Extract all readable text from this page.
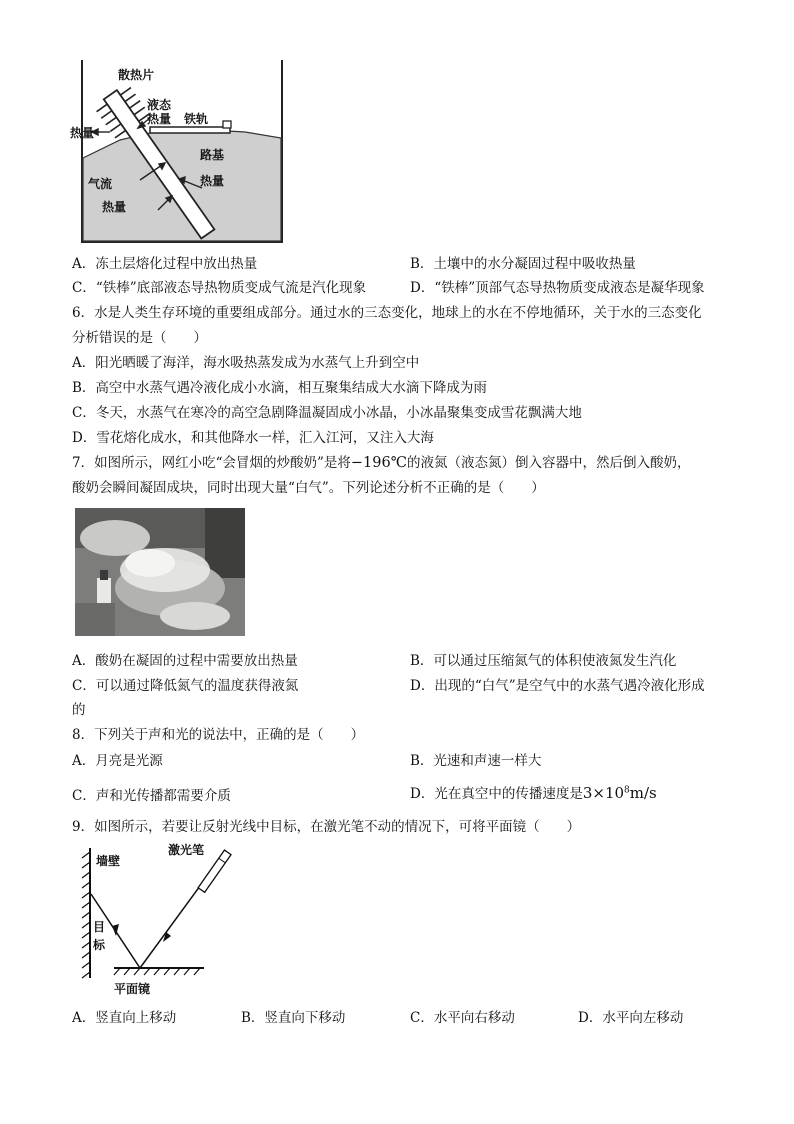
散热片
液态
热量 铁轨
热量
路基
气流	热量
热量
A．冻土层熔化过程中放出热量	B．土壤中的水分凝固过程中吸收热量
C．“铁棒”底部液态导热物质变成气流是汽化现象	D．“铁棒”顶部气态导热物质变成液态是凝华现象
6．水是人类生存环境的重要组成部分。通过水的三态变化，地球上的水在不停地循环，关于水的三态变化
分析错误的是（　　）
A．阳光晒暖了海洋，海水吸热蒸发成为水蒸气上升到空中
B．高空中水蒸气遇冷液化成小水滴，相互聚集结成大水滴下降成为雨
C．冬天，水蒸气在寒冷的高空急剧降温凝固成小冰晶，小冰晶聚集变成雪花飘满大地
D．雪花熔化成水，和其他降水一样，汇入江河，又注入大海
7．如图所示，网红小吃“会冒烟的炒酸奶”是将−196℃的液氮（液态氮）倒入容器中，然后倒入酸奶，
酸奶会瞬间凝固成块，同时出现大量“白气”。下列论述分析不正确的是（　　）
A．酸奶在凝固的过程中需要放出热量	B．可以通过压缩氮气的体积使液氮发生汽化
C．可以通过降低氮气的温度获得液氮	D．出现的“白气”是空气中的水蒸气遇冷液化形成
的
8．下列关于声和光的说法中，正确的是（　　）
A．月亮是光源	B．光速和声速一样大
C．声和光传播都需要介质	D．光在真空中的传播速度是$3\times 10^8m/s$
9．如图所示，若要让反射光线中目标，在激光笔不动的情况下，可将平面镜（　　）
墙壁
激光笔
目
标
平面镜
A．竖直向上移动	B．竖直向下移动	C．水平向右移动	D．水平向左移动
